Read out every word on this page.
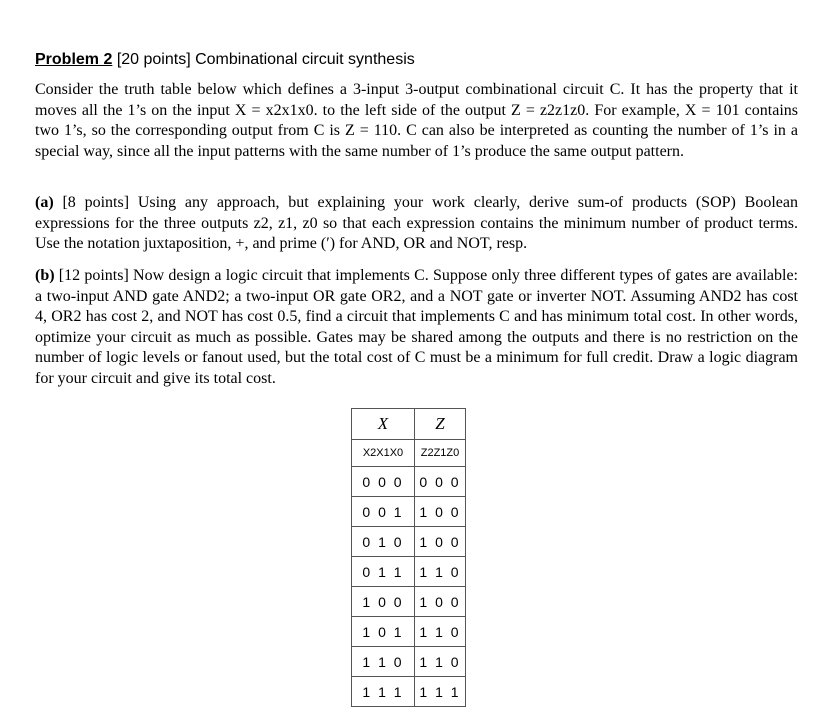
Problem 2 [20 points] Combinational circuit synthesis

Consider the truth table below which defines a 3-input 3-output combinational circuit C. It has the property that it moves all the 1’s on the input X = x2x1x0. to the left side of the output Z = z2z1z0. For example, X = 101 contains two 1’s, so the corresponding output from C is Z = 110. C can also be interpreted as counting the number of 1’s in a special way, since all the input patterns with the same number of 1’s produce the same output pattern.

(a) [8 points] Using any approach, but explaining your work clearly, derive sum-of products (SOP) Boolean expressions for the three outputs z2, z1, z0 so that each expression contains the minimum number of product terms. Use the notation juxtaposition, +, and prime (′) for AND, OR and NOT, resp.

(b) [12 points] Now design a logic circuit that implements C. Suppose only three different types of gates are available: a two-input AND gate AND2; a two-input OR gate OR2, and a NOT gate or inverter NOT. Assuming AND2 has cost 4, OR2 has cost 2, and NOT has cost 0.5, find a circuit that implements C and has minimum total cost. In other words, optimize your circuit as much as possible. Gates may be shared among the outputs and there is no restriction on the number of logic levels or fanout used, but the total cost of C must be a minimum for full credit. Draw a logic diagram for your circuit and give its total cost.

X	Z
X2X1X0	Z2Z1Z0
0 0 0	0 0 0
0 0 1	1 0 0
0 1 0	1 0 0
0 1 1	1 1 0
1 0 0	1 0 0
1 0 1	1 1 0
1 1 0	1 1 0
1 1 1	1 1 1
